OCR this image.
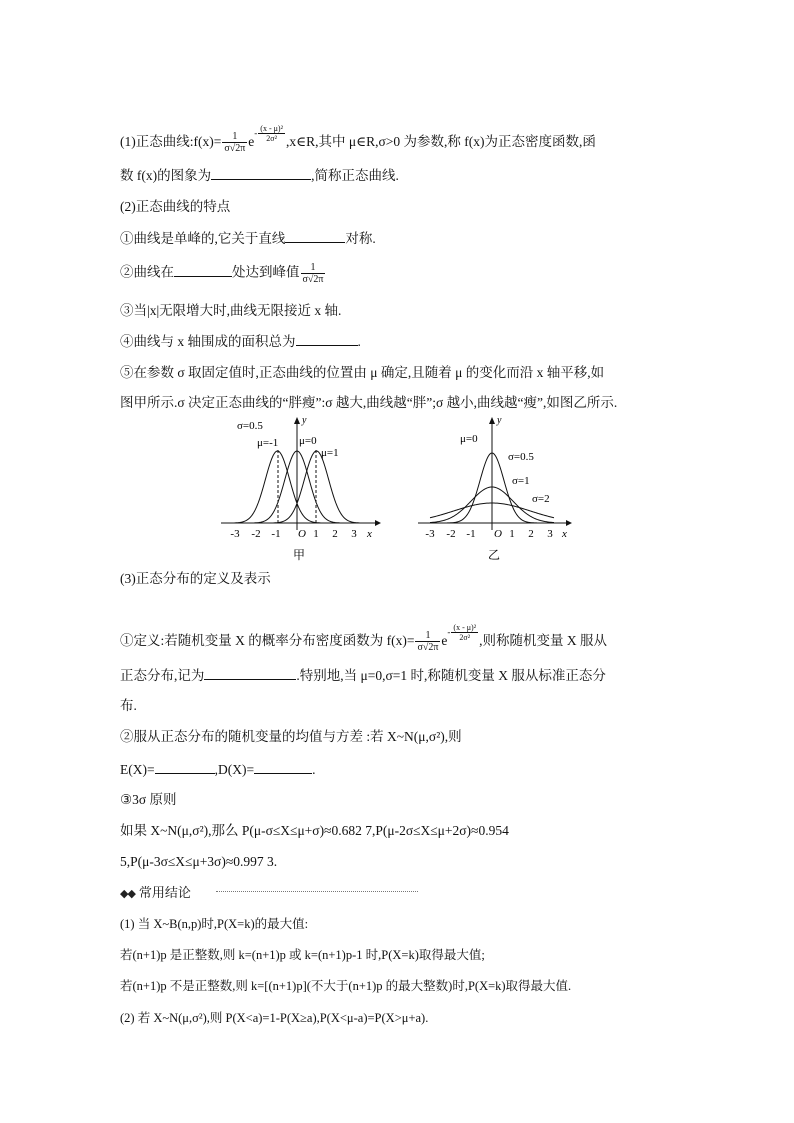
(1)正态曲线:f(x)= $\frac{1}{\sigma√2\pi} e^{- \frac{\text{(x - μ)²}}{\text{2σ²}}}$ ,x∈R,其中 μ∈R,σ>0 为参数,称 f(x)为正态密度函数,函
数 f(x)的图象为	,简称正态曲线.
(2)正态曲线的特点
①曲线是单峰的,它关于直线	对称.
②曲线在	处达到峰值 $\frac{1}{\sigma√2\pi}$
③当|x|无限增大时,曲线无限接近 x 轴.
④曲线与 x 轴围成的面积总为	.
⑤在参数 σ 取固定值时,正态曲线的位置由 μ 确定,且随着 μ 的变化而沿 x 轴平移,如
图甲所示.σ 决定正态曲线的“胖瘦”:σ 越大,曲线越“胖”;σ 越小,曲线越“瘦”,如图乙所示.
σ=0.5
μ=-1 μ=0
μ=1
y
x
O
-3 -2 -1	1 2 3
甲
μ=0
σ=0.5
σ=1
σ=2
y
x
O
-3 -2 -1	1 2 3
乙
(3)正态分布的定义及表示
①定义:若随机变量 X 的概率分布密度函数为 $f(x)= \frac{1}{\sigma√2\pi} e^{- \frac{\text{(x - μ)²}}{\text{2σ²}}}$ ,则称随机变量 X 服从
正态分布,记为	.特别地,当 μ=0,σ=1 时,称随机变量 X 服从标准正态分
布.
②服从正态分布的随机变量的均值与方差 :若 X~N(μ,σ²),则
E(X)=	,D(X)=	.
③3σ 原则
如果 X~N(μ,σ²),那么 P(μ-σ≤X≤μ+σ)≈0.682 7,P(μ-2σ≤X≤μ+2σ)≈0.954
5,P(μ-3σ≤X≤μ+3σ)≈0.997 3.
◆◆ 常用结论
(1) 当 X~B(n,p)时,P(X=k)的最大值:
若(n+1)p 是正整数,则 k=(n+1)p 或 k=(n+1)p-1 时,P(X=k)取得最大值;
若(n+1)p 不是正整数,则 k=[(n+1)p](不大于(n+1)p 的最大整数)时,P(X=k)取得最大值.
(2) 若 X~N(μ,σ²),则 P(X<a)=1-P(X≥a),P(X<μ-a)=P(X>μ+a).
